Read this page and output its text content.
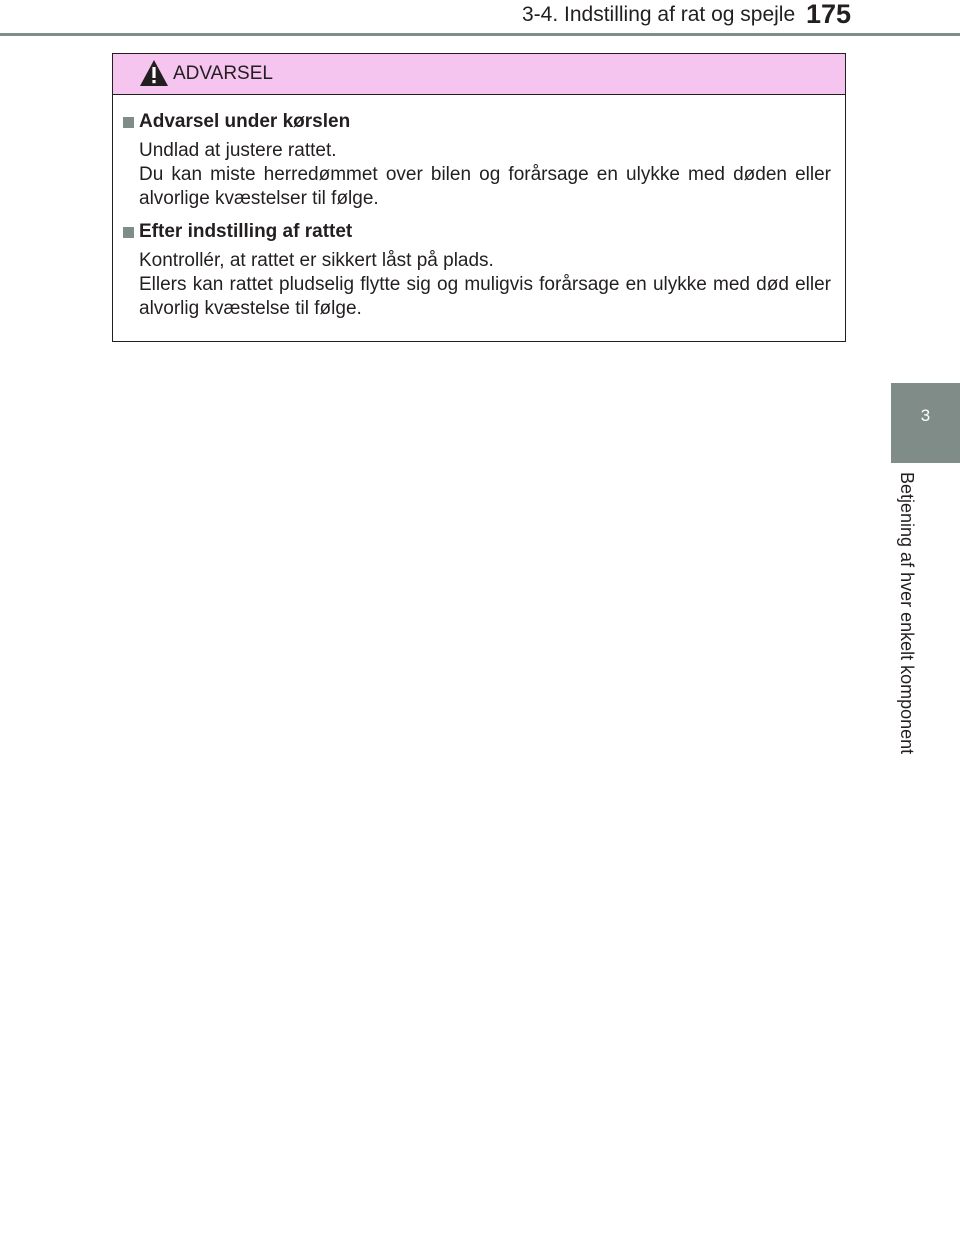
3-4. Indstilling af rat og spejle 175
3
Betjening af hver enkelt komponent
ADVARSEL
Advarsel under kørslen

Undlad at justere rattet.

Du kan miste herredømmet over bilen og forårsage en ulykke med døden eller alvorlige kvæstelser til følge.

Efter indstilling af rattet

Kontrollér, at rattet er sikkert låst på plads.

Ellers kan rattet pludselig flytte sig og muligvis forårsage en ulykke med død eller alvorlig kvæstelse til følge.
